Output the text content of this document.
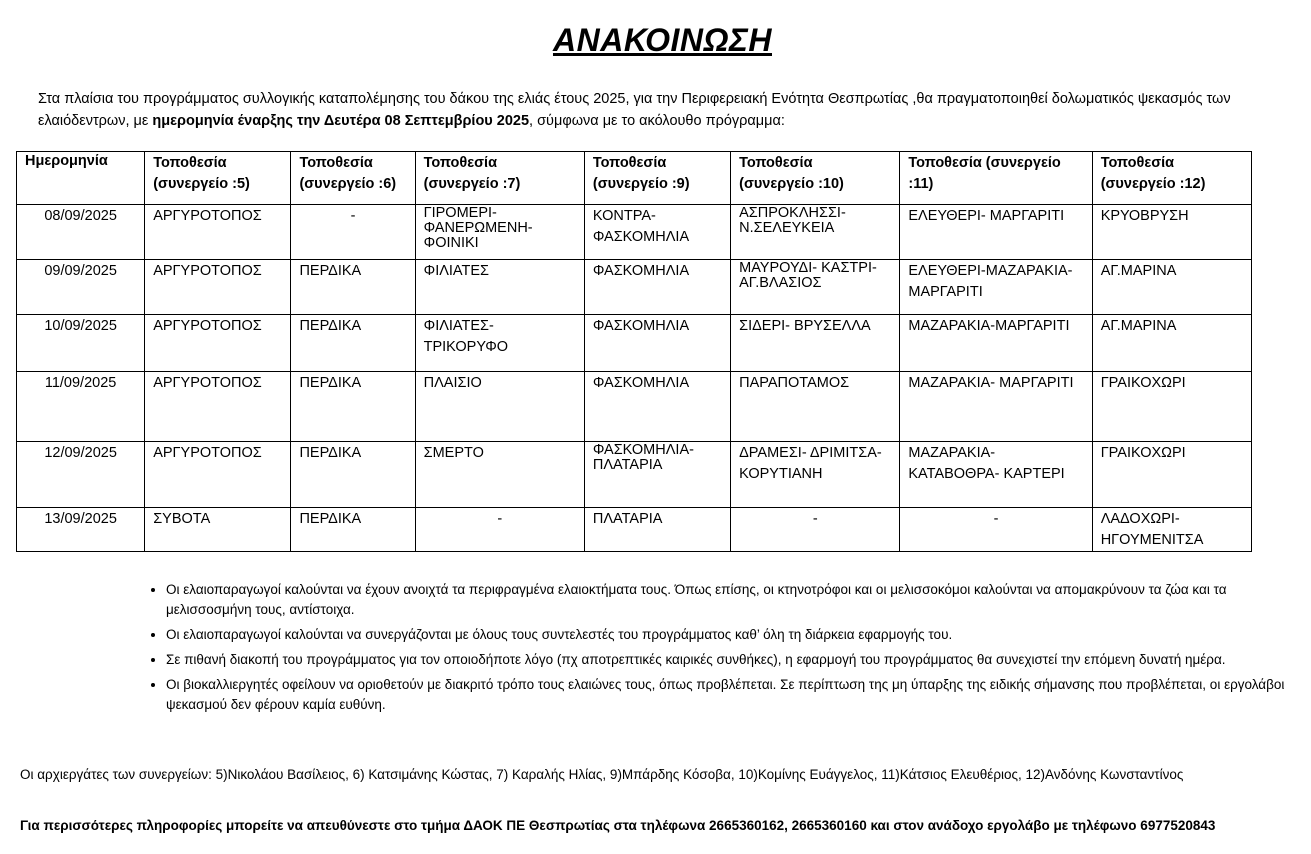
ΑΝΑΚΟΙΝΩΣΗ
Στα πλαίσια του προγράμματος συλλογικής καταπολέμησης του δάκου της ελιάς έτους 2025, για την Περιφερειακή Ενότητα Θεσπρωτίας ,θα πραγματοποιηθεί δολωματικός ψεκασμός των ελαιόδεντρων, με ημερομηνία έναρξης την Δευτέρα 08 Σεπτεμβρίου 2025, σύμφωνα με το ακόλουθο πρόγραμμα:
Ημερομηνία	Τοποθεσία (συνεργείο :5)	Τοποθεσία (συνεργείο :6)	Τοποθεσία (συνεργείο :7)	Τοποθεσία (συνεργείο :9)	Τοποθεσία (συνεργείο :10)	Τοποθεσία (συνεργείο :11)	Τοποθεσία (συνεργείο :12)
08/09/2025	ΑΡΓΥΡΟΤΟΠΟΣ	-	ΓΙΡΟΜΕΡΙ- ΦΑΝΕΡΩΜΕΝΗ- ΦΟΙΝΙΚΙ	ΚΟΝΤΡΑ- ΦΑΣΚΟΜΗΛΙΑ	ΑΣΠΡΟΚΛΗΣΣΙ- Ν.ΣΕΛΕΥΚΕΙΑ	ΕΛΕΥΘΕΡΙ- ΜΑΡΓΑΡΙΤΙ	ΚΡΥΟΒΡΥΣΗ
09/09/2025	ΑΡΓΥΡΟΤΟΠΟΣ	ΠΕΡΔΙΚΑ	ΦΙΛΙΑΤΕΣ	ΦΑΣΚΟΜΗΛΙΑ	ΜΑΥΡΟΥΔΙ- ΚΑΣΤΡΙ- ΑΓ.ΒΛΑΣΙΟΣ	ΕΛΕΥΘΕΡΙ-ΜΑΖΑΡΑΚΙΑ- ΜΑΡΓΑΡΙΤΙ	ΑΓ.ΜΑΡΙΝΑ
10/09/2025	ΑΡΓΥΡΟΤΟΠΟΣ	ΠΕΡΔΙΚΑ	ΦΙΛΙΑΤΕΣ- ΤΡΙΚΟΡΥΦΟ	ΦΑΣΚΟΜΗΛΙΑ	ΣΙΔΕΡΙ- ΒΡΥΣΕΛΛΑ	ΜΑΖΑΡΑΚΙΑ-ΜΑΡΓΑΡΙΤΙ	ΑΓ.ΜΑΡΙΝΑ
11/09/2025	ΑΡΓΥΡΟΤΟΠΟΣ	ΠΕΡΔΙΚΑ	ΠΛΑΙΣΙΟ	ΦΑΣΚΟΜΗΛΙΑ	ΠΑΡΑΠΟΤΑΜΟΣ	ΜΑΖΑΡΑΚΙΑ- ΜΑΡΓΑΡΙΤΙ	ΓΡΑΙΚΟΧΩΡΙ
12/09/2025	ΑΡΓΥΡΟΤΟΠΟΣ	ΠΕΡΔΙΚΑ	ΣΜΕΡΤΟ	ΦΑΣΚΟΜΗΛΙΑ- ΠΛΑΤΑΡΙΑ	ΔΡΑΜΕΣΙ- ΔΡΙΜΙΤΣΑ- ΚΟΡΥΤΙΑΝΗ	ΜΑΖΑΡΑΚΙΑ- ΚΑΤΑΒΟΘΡΑ- ΚΑΡΤΕΡΙ	ΓΡΑΙΚΟΧΩΡΙ
13/09/2025	ΣΥΒΟΤΑ	ΠΕΡΔΙΚΑ	-	ΠΛΑΤΑΡΙΑ	-	-	ΛΑΔΟΧΩΡΙ- ΗΓΟΥΜΕΝΙΤΣΑ
• Οι ελαιοπαραγωγοί καλούνται να έχουν ανοιχτά τα περιφραγμένα ελαιοκτήματα τους. Όπως επίσης, οι κτηνοτρόφοι και οι μελισσοκόμοι καλούνται να απομακρύνουν τα ζώα και τα μελισσοσμήνη τους, αντίστοιχα.
• Οι ελαιοπαραγωγοί καλούνται να συνεργάζονται με όλους τους συντελεστές του προγράμματος καθ’ όλη τη διάρκεια εφαρμογής του.
• Σε πιθανή διακοπή του προγράμματος για τον οποιοδήποτε λόγο (πχ αποτρεπτικές καιρικές συνθήκες), η εφαρμογή του προγράμματος θα συνεχιστεί την επόμενη δυνατή ημέρα.
• Οι βιοκαλλιεργητές οφείλουν να οριοθετούν με διακριτό τρόπο τους ελαιώνες τους, όπως προβλέπεται. Σε περίπτωση της μη ύπαρξης της ειδικής σήμανσης που προβλέπεται, οι εργολάβοι ψεκασμού δεν φέρουν καμία ευθύνη.
Οι αρχιεργάτες των συνεργείων: 5)Νικολάου Βασίλειος, 6) Κατσιμάνης Κώστας, 7) Καραλής Ηλίας, 9)Μπάρδης Κόσοβα, 10)Κομίνης Ευάγγελος, 11)Κάτσιος Ελευθέριος, 12)Ανδόνης Κωνσταντίνος
Για περισσότερες πληροφορίες μπορείτε να απευθύνεστε στο τμήμα ΔΑΟΚ ΠΕ Θεσπρωτίας στα τηλέφωνα 2665360162, 2665360160 και στον ανάδοχο εργολάβο με τηλέφωνο 6977520843
